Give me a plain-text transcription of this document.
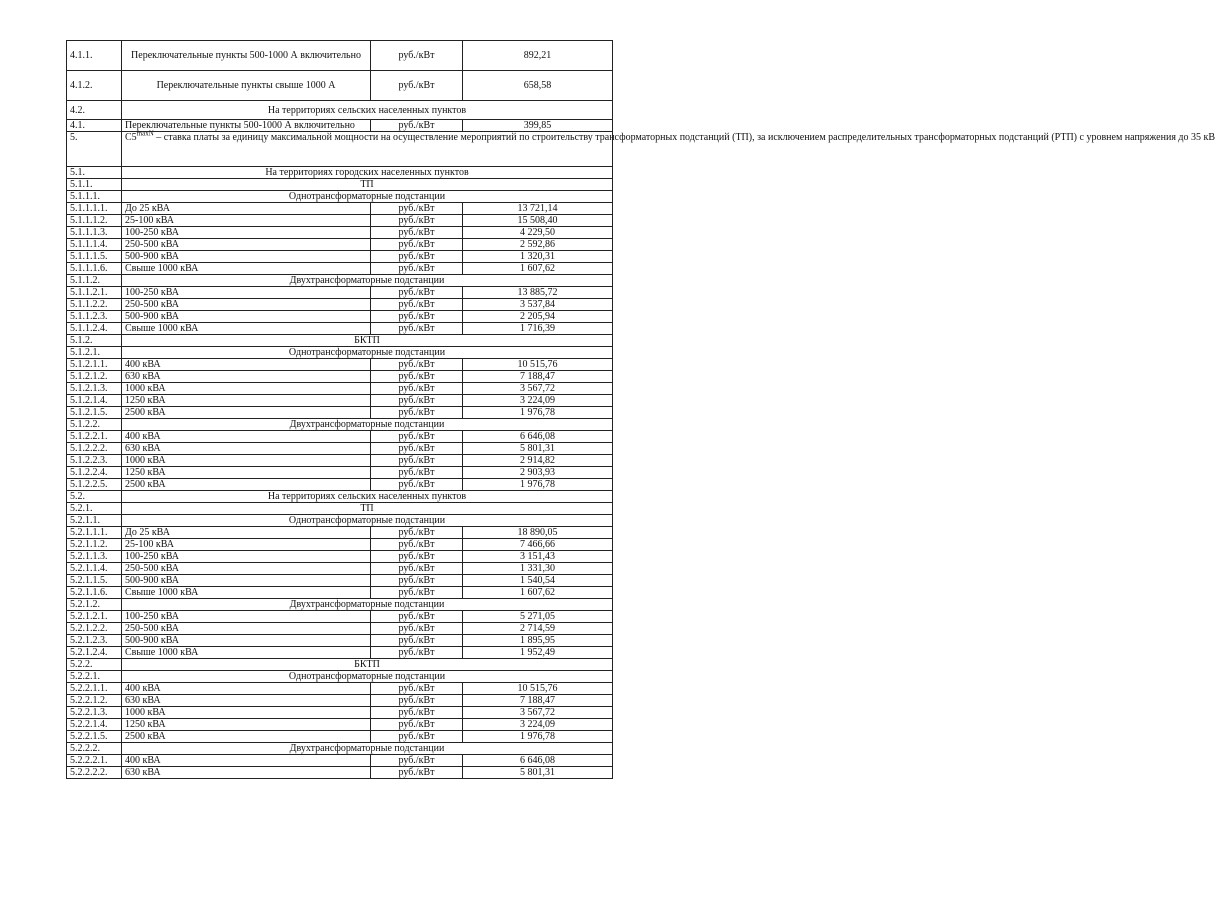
4.1.1.	Переключательные пункты 500-1000 А включительно	руб./кВт	892,21
4.1.2.	Переключательные пункты свыше 1000 А	руб./кВт	658,58
4.2.	На территориях сельских населенных пунктов		
4.1.	Переключательные пункты 500-1000 А включительно	руб./кВт	399,85
5.	$C5^{maxN}$ – ставка платы за единицу максимальной мощности на осуществление мероприятий по строительству трансформаторных подстанций (ТП), за исключением распределительных трансформаторных подстанций (РТП) с уровнем напряжения до 35 кВ		
5.1.	На территориях городских населенных пунктов		
5.1.1.	ТП		
5.1.1.1.	Однотрансформаторные подстанции		
5.1.1.1.1.	До 25 кВА	руб./кВт	13 721,14
5.1.1.1.2.	25-100 кВА	руб./кВт	15 508,40
5.1.1.1.3.	100-250 кВА	руб./кВт	4 229,50
5.1.1.1.4.	250-500 кВА	руб./кВт	2 592,86
5.1.1.1.5.	500-900 кВА	руб./кВт	1 320,31
5.1.1.1.6.	Свыше 1000 кВА	руб./кВт	1 607,62
5.1.1.2.	Двухтрансформаторные подстанции		
5.1.1.2.1.	100-250 кВА	руб./кВт	13 885,72
5.1.1.2.2.	250-500 кВА	руб./кВт	3 537,84
5.1.1.2.3.	500-900 кВА	руб./кВт	2 205,94
5.1.1.2.4.	Свыше 1000 кВА	руб./кВт	1 716,39
5.1.2.	БКТП		
5.1.2.1.	Однотрансформаторные подстанции		
5.1.2.1.1.	400 кВА	руб./кВт	10 515,76
5.1.2.1.2.	630 кВА	руб./кВт	7 188,47
5.1.2.1.3.	1000 кВА	руб./кВт	3 567,72
5.1.2.1.4.	1250 кВА	руб./кВт	3 224,09
5.1.2.1.5.	2500 кВА	руб./кВт	1 976,78
5.1.2.2.	Двухтрансформаторные подстанции		
5.1.2.2.1.	400 кВА	руб./кВт	6 646,08
5.1.2.2.2.	630 кВА	руб./кВт	5 801,31
5.1.2.2.3.	1000 кВА	руб./кВт	2 914,82
5.1.2.2.4.	1250 кВА	руб./кВт	2 903,93
5.1.2.2.5.	2500 кВА	руб./кВт	1 976,78
5.2.	На территориях сельских населенных пунктов		
5.2.1.	ТП		
5.2.1.1.	Однотрансформаторные подстанции		
5.2.1.1.1.	До 25 кВА	руб./кВт	18 890,05
5.2.1.1.2.	25-100 кВА	руб./кВт	7 466,66
5.2.1.1.3.	100-250 кВА	руб./кВт	3 151,43
5.2.1.1.4.	250-500 кВА	руб./кВт	1 331,30
5.2.1.1.5.	500-900 кВА	руб./кВт	1 540,54
5.2.1.1.6.	Свыше 1000 кВА	руб./кВт	1 607,62
5.2.1.2.	Двухтрансформаторные подстанции		
5.2.1.2.1.	100-250 кВА	руб./кВт	5 271,05
5.2.1.2.2.	250-500 кВА	руб./кВт	2 714,59
5.2.1.2.3.	500-900 кВА	руб./кВт	1 895,95
5.2.1.2.4.	Свыше 1000 кВА	руб./кВт	1 952,49
5.2.2.	БКТП		
5.2.2.1.	Однотрансформаторные подстанции		
5.2.2.1.1.	400 кВА	руб./кВт	10 515,76
5.2.2.1.2.	630 кВА	руб./кВт	7 188,47
5.2.2.1.3.	1000 кВА	руб./кВт	3 567,72
5.2.2.1.4.	1250 кВА	руб./кВт	3 224,09
5.2.2.1.5.	2500 кВА	руб./кВт	1 976,78
5.2.2.2.	Двухтрансформаторные подстанции		
5.2.2.2.1.	400 кВА	руб./кВт	6 646,08
5.2.2.2.2.	630 кВА	руб./кВт	5 801,31
